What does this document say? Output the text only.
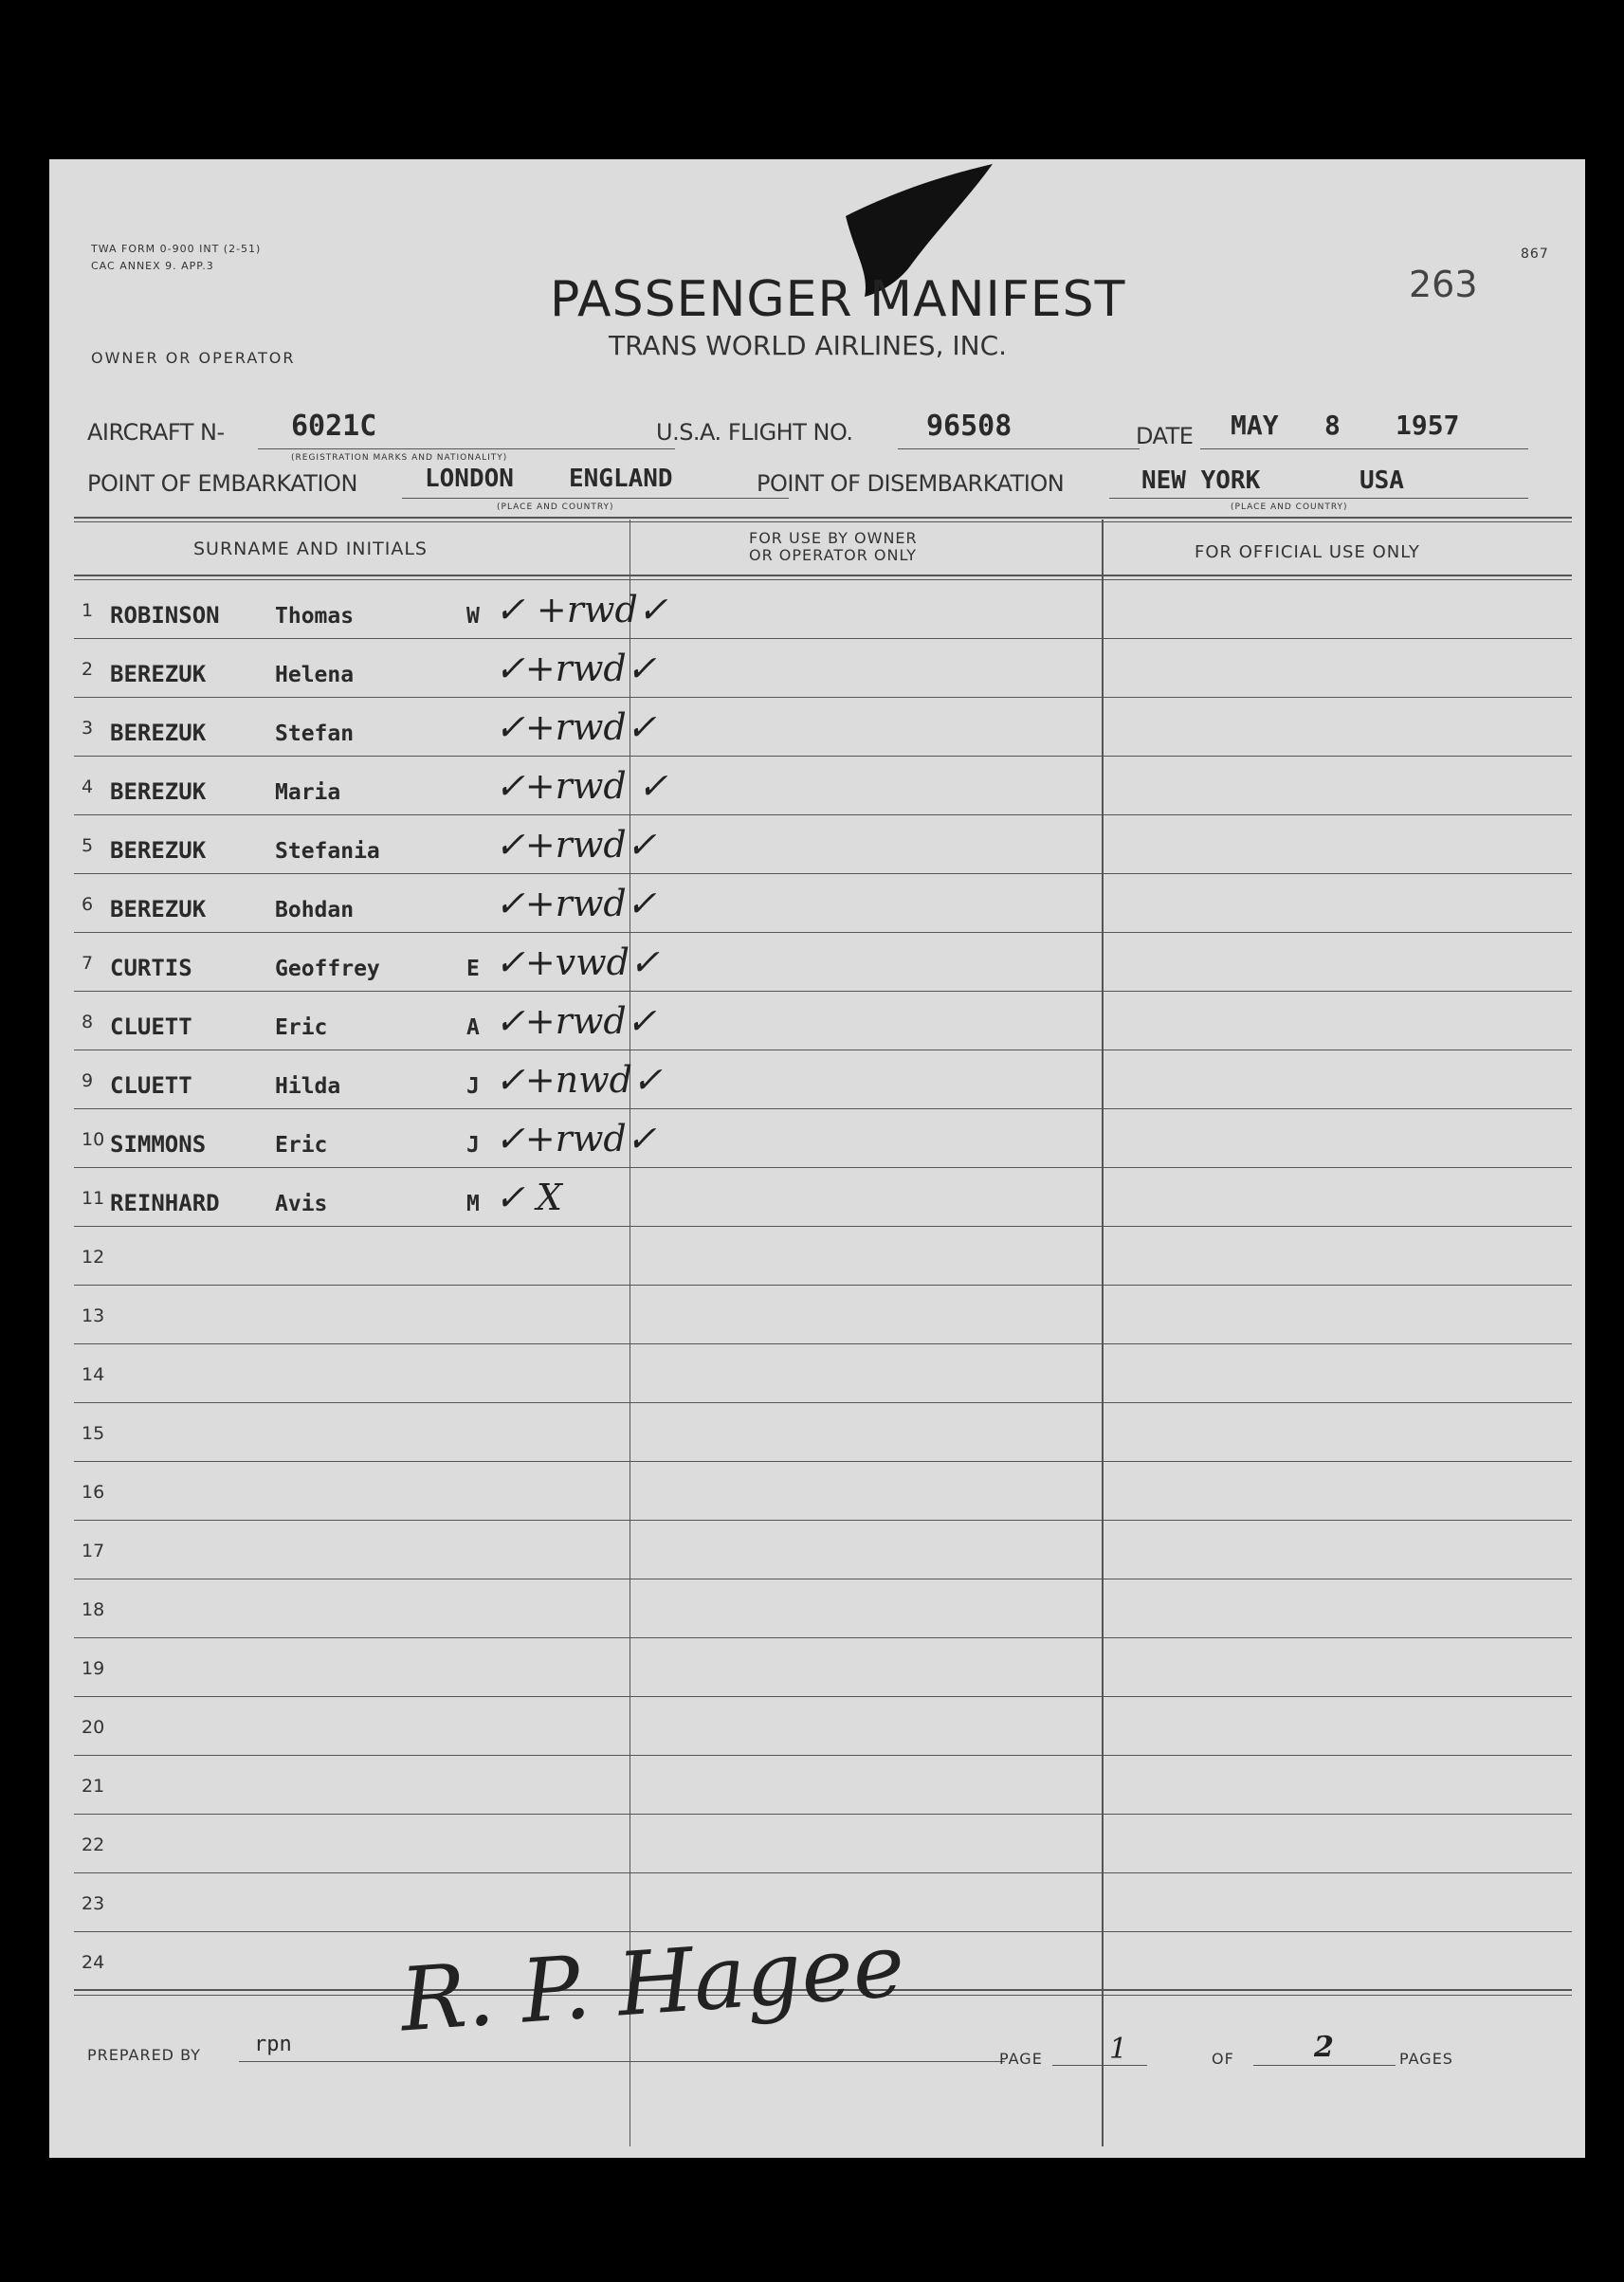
TWA FORM 0-900 INT (2-51)
CAC ANNEX 9. APP.3
867
263
PASSENGER MANIFEST
TRANS WORLD AIRLINES, INC.
OWNER OR OPERATOR
AIRCRAFT N- 6021C
(REGISTRATION MARKS AND NATIONALITY)
U.S.A. FLIGHT NO.	96508	DATE MAY 8 1957
POINT OF EMBARKATION	LONDON ENGLAND
(PLACE AND COUNTRY)
POINT OF DISEMBARKATION	NEW YORK	USA
(PLACE AND COUNTRY)
SURNAME AND INITIALS
FOR USE BY OWNER
OR OPERATOR ONLY	FOR OFFICIAL USE ONLY
1 ROBINSON	Thomas	W ✓ +rwd✓
2 BEREZUK	Helena	✓+rwd✓
3 BEREZUK	Stefan	✓+rwd✓
4 BEREZUK	Maria	✓+rwd ✓
5 BEREZUK	Stefania	✓+rwd✓
6 BEREZUK	Bohdan	✓+rwd✓
7 CURTIS	Geoffrey	E ✓+vwd✓
8 CLUETT	Eric	A ✓+rwd✓
9 CLUETT	Hilda	J ✓+nwd✓
10 SIMMONS	Eric	J ✓+rwd✓
11 REINHARD	Avis	M ✓ X
12
13
14
15
16
17
18
19
20
21
22
23
24
PREPARED BY	rpn R. P. Hagee
PAGE 1	OF	2	PAGES
